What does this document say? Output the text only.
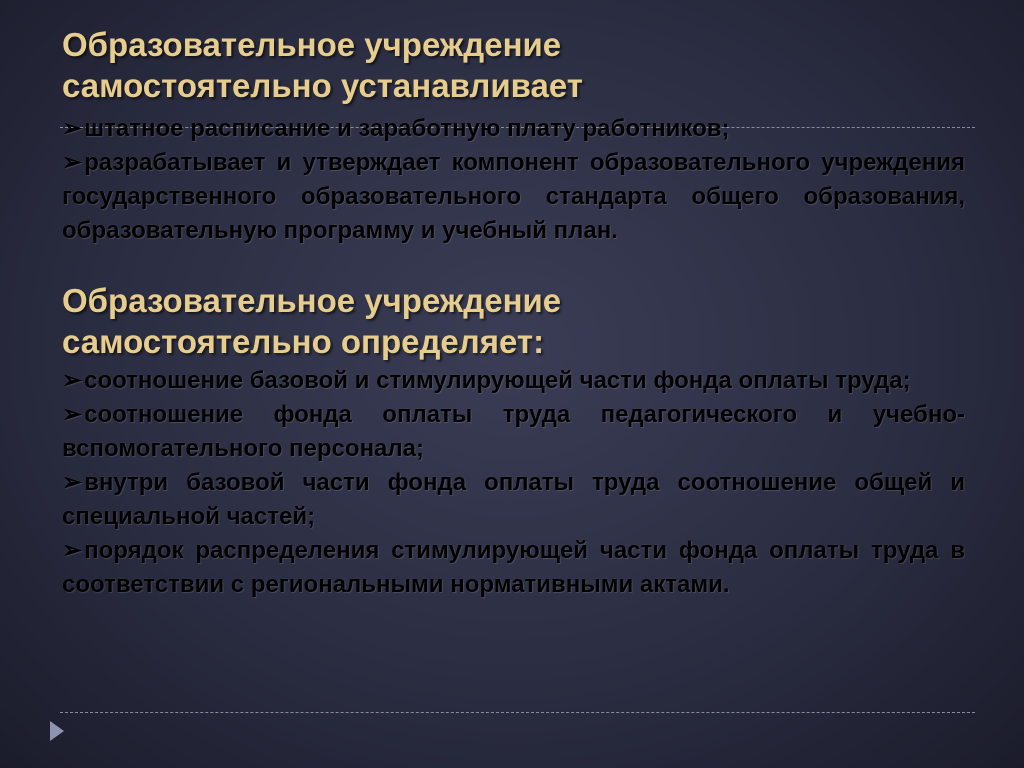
Образовательное учреждение
самостоятельно устанавливает
➢штатное расписание и заработную плату работников;
➢разрабатывает и утверждает компонент образовательного учреждения государственного образовательного стандарта общего образования, образовательную программу и учебный план.
Образовательное учреждение
самостоятельно определяет:
➢соотношение базовой и стимулирующей части фонда оплаты труда;
➢соотношение фонда оплаты труда педагогического и учебно-вспомогательного персонала;
➢внутри базовой части фонда оплаты труда соотношение общей и специальной частей;
➢порядок распределения стимулирующей части фонда оплаты труда в соответствии с региональными нормативными актами.
